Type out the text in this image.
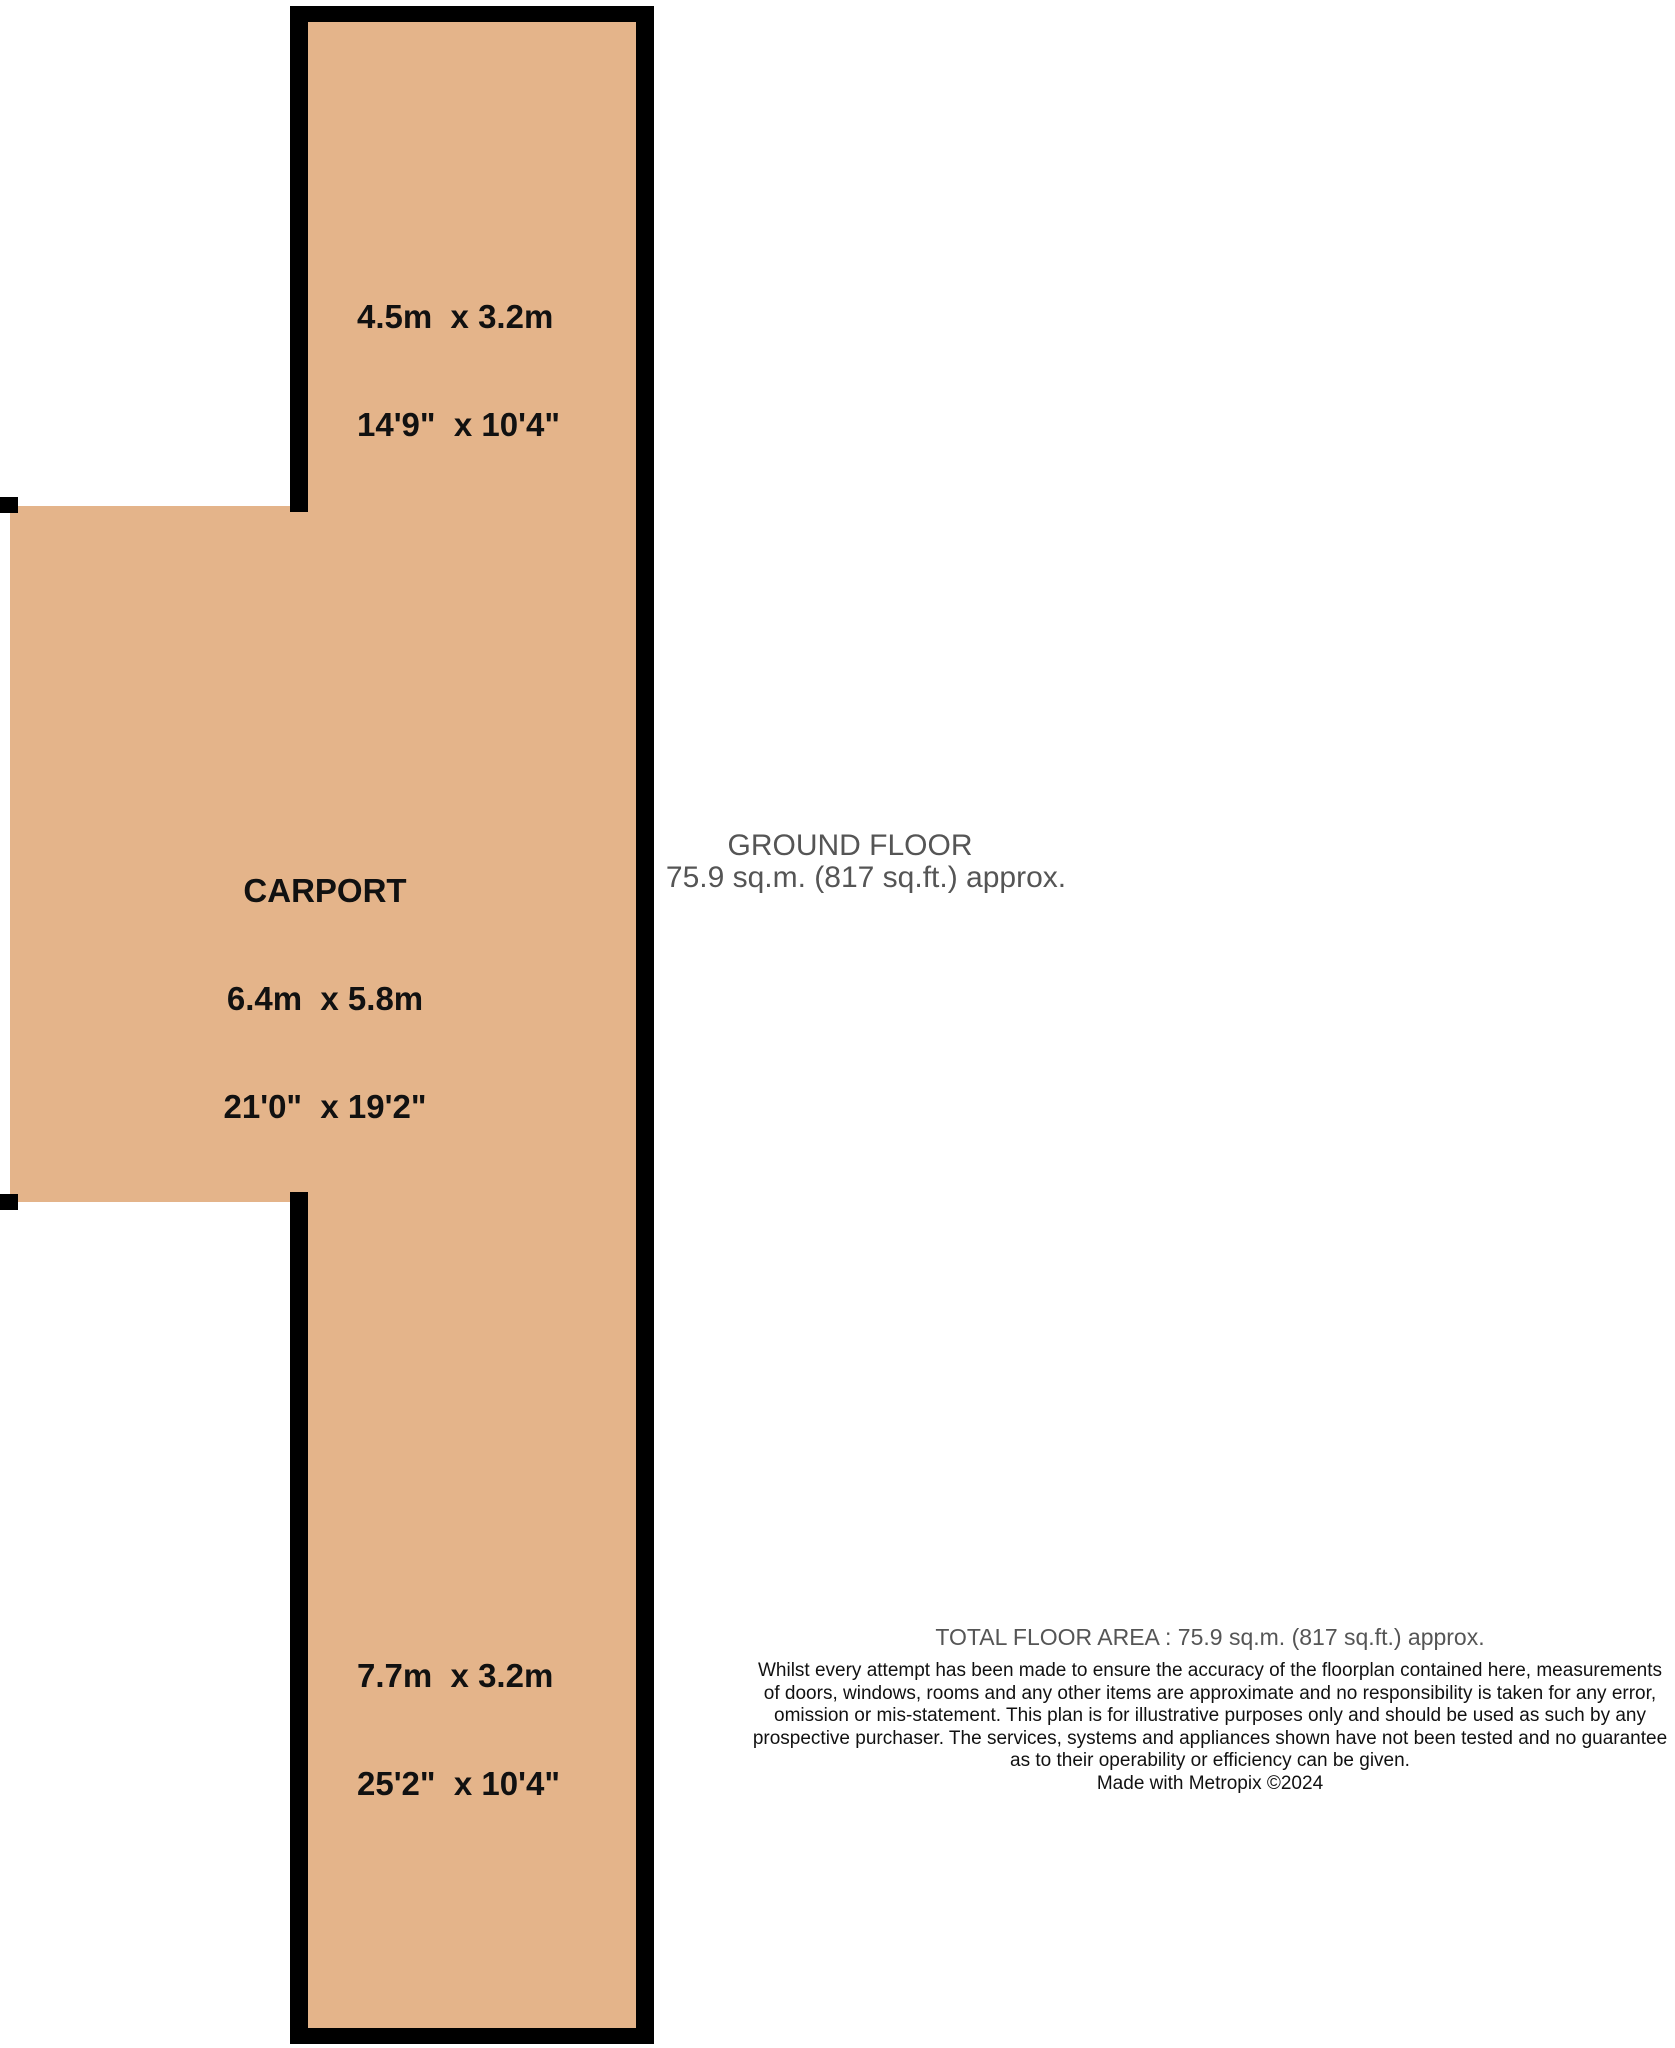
4.5m  x 3.2m

14'9"  x 10'4"

CARPORT

6.4m  x 5.8m

21'0"  x 19'2"

7.7m  x 3.2m

25'2"  x 10'4"

GROUND FLOOR
75.9 sq.m. (817 sq.ft.) approx.
TOTAL FLOOR AREA : 75.9 sq.m. (817 sq.ft.) approx.
Whilst every attempt has been made to ensure the accuracy of the floorplan contained here, measurements
of doors, windows, rooms and any other items are approximate and no responsibility is taken for any error,
omission or mis-statement. This plan is for illustrative purposes only and should be used as such by any
prospective purchaser. The services, systems and appliances shown have not been tested and no guarantee
as to their operability or efficiency can be given.
Made with Metropix ©2024
